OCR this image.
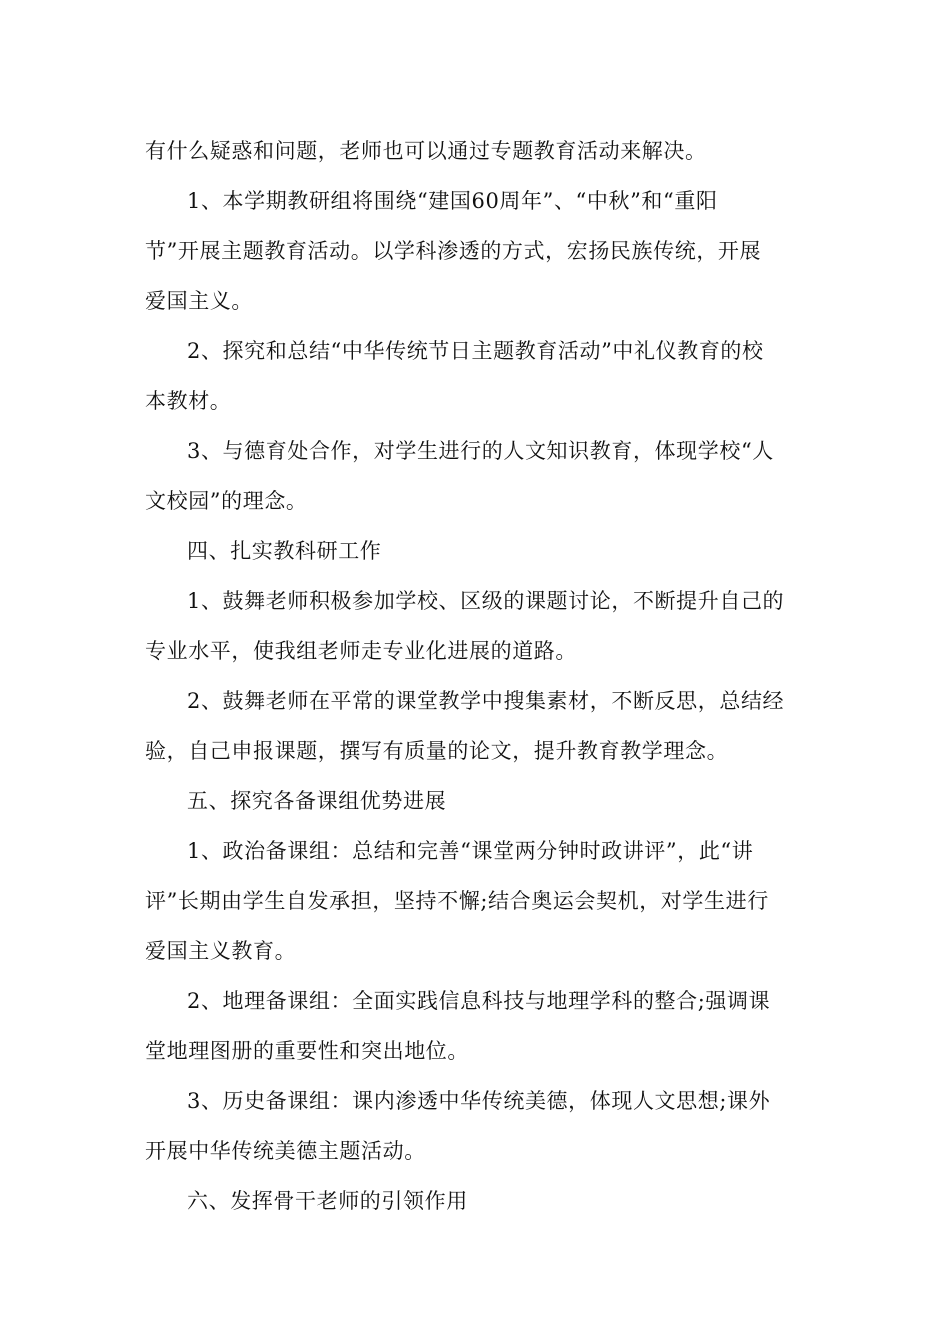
有什么疑惑和问题，老师也可以通过专题教育活动来解决。
1、本学期教研组将围绕“建国60周年”、“中秋”和“重阳
节”开展主题教育活动。以学科渗透的方式，宏扬民族传统，开展
爱国主义。
2、探究和总结“中华传统节日主题教育活动”中礼仪教育的校
本教材。
3、与德育处合作，对学生进行的人文知识教育，体现学校“人
文校园”的理念。
四、扎实教科研工作
1、鼓舞老师积极参加学校、区级的课题讨论，不断提升自己的
专业水平，使我组老师走专业化进展的道路。
2、鼓舞老师在平常的课堂教学中搜集素材，不断反思，总结经
验，自己申报课题，撰写有质量的论文，提升教育教学理念。
五、探究各备课组优势进展
1、政治备课组：总结和完善“课堂两分钟时政讲评”，此“讲
评”长期由学生自发承担，坚持不懈;结合奥运会契机，对学生进行
爱国主义教育。
2、地理备课组：全面实践信息科技与地理学科的整合;强调课
堂地理图册的重要性和突出地位。
3、历史备课组：课内渗透中华传统美德，体现人文思想;课外
开展中华传统美德主题活动。
六、发挥骨干老师的引领作用
